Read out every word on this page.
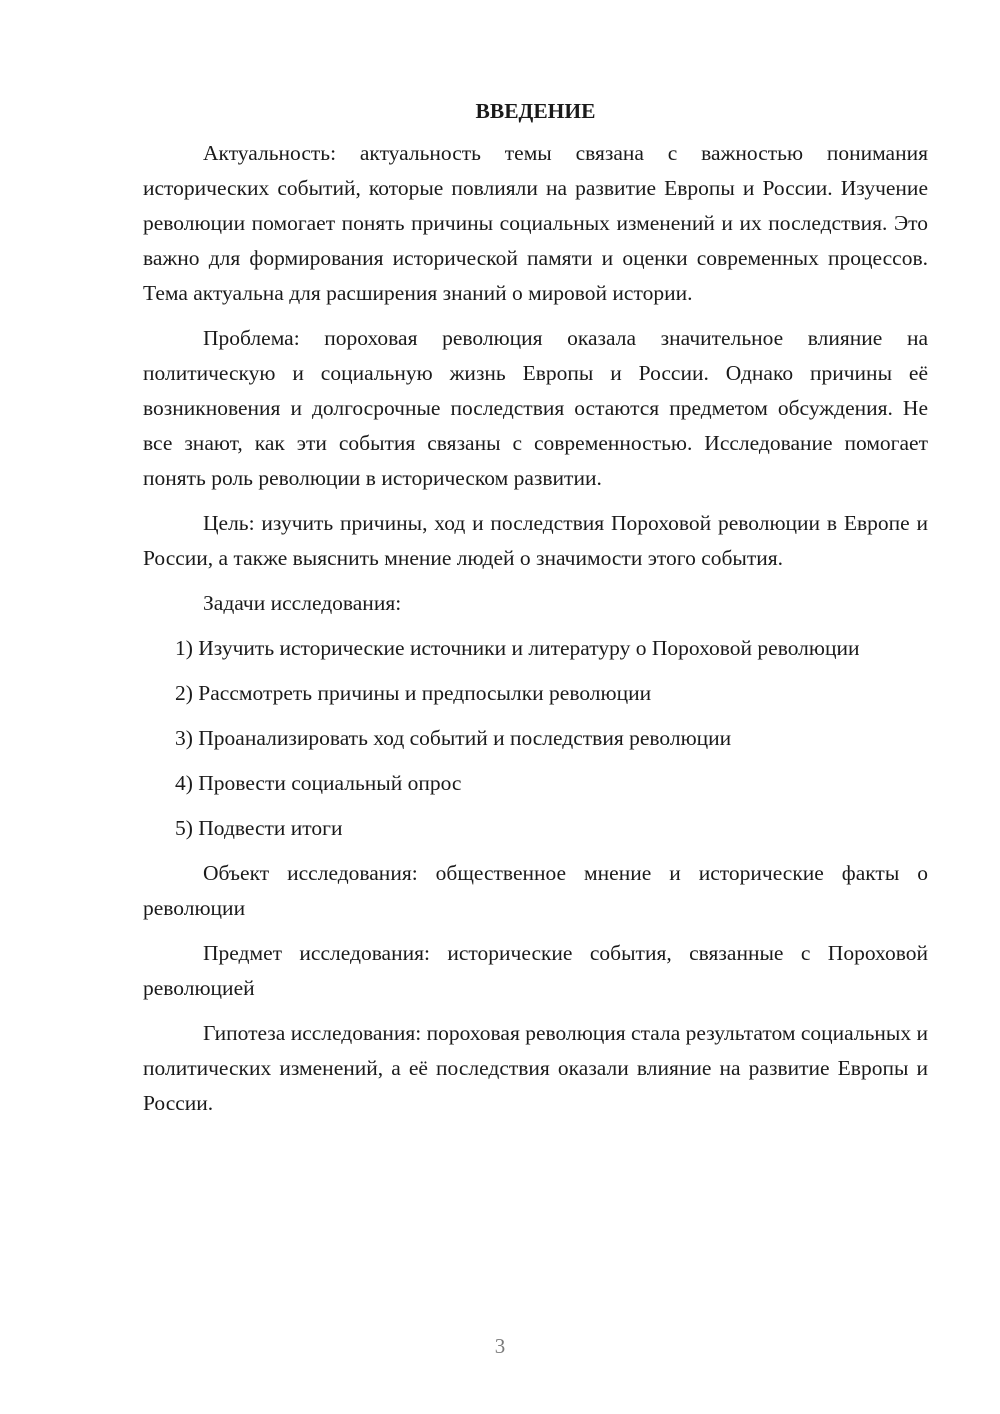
ВВЕДЕНИЕ

Актуальность: актуальность темы связана с важностью понимания исторических событий, которые повлияли на развитие Европы и России. Изучение революции помогает понять причины социальных изменений и их последствия. Это важно для формирования исторической памяти и оценки современных процессов. Тема актуальна для расширения знаний о мировой истории.

Проблема: пороховая революция оказала значительное влияние на политическую и социальную жизнь Европы и России. Однако причины её возникновения и долгосрочные последствия остаются предметом обсуждения. Не все знают, как эти события связаны с современностью. Исследование помогает понять роль революции в историческом развитии.

Цель: изучить причины, ход и последствия Пороховой революции в Европе и России, а также выяснить мнение людей о значимости этого события.

Задачи исследования:

1) Изучить исторические источники и литературу о Пороховой революции

2) Рассмотреть причины и предпосылки революции

3) Проанализировать ход событий и последствия революции

4) Провести социальный опрос

5) Подвести итоги

Объект исследования: общественное мнение и исторические факты о революции

Предмет исследования: исторические события, связанные с Пороховой революцией

Гипотеза исследования: пороховая революция стала результатом социальных и политических изменений, а её последствия оказали влияние на развитие Европы и России.

3
